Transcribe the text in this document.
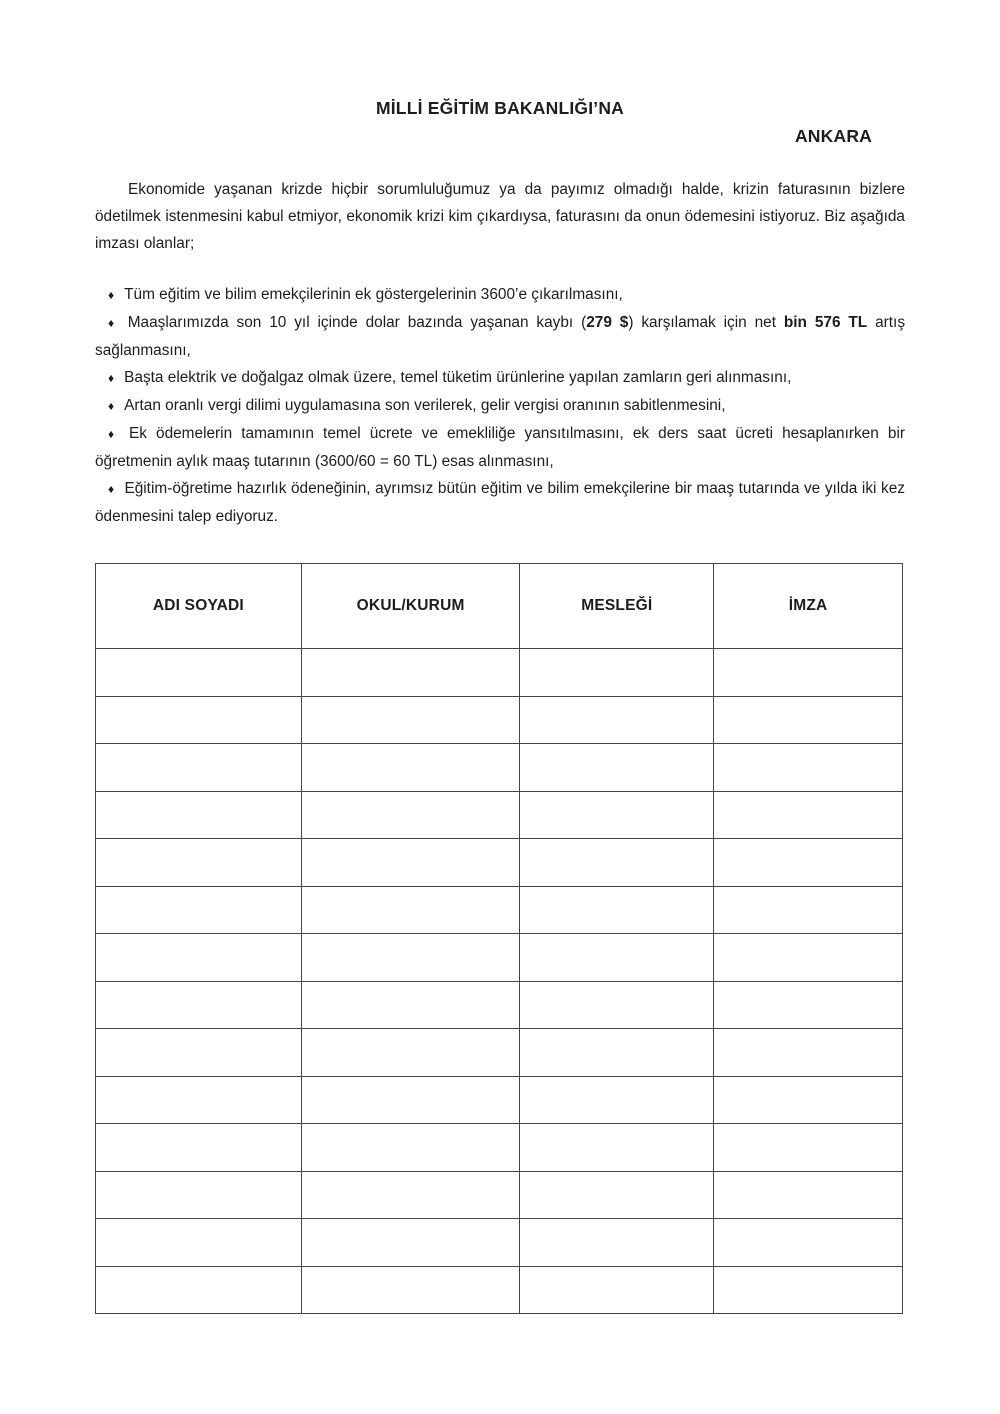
MİLLİ EĞİTİM BAKANLIĞI’NA
ANKARA

Ekonomide yaşanan krizde hiçbir sorumluluğumuz ya da payımız olmadığı halde, krizin faturasının bizlere ödetilmek istenmesini kabul etmiyor, ekonomik krizi kim çıkardıysa, faturasını da onun ödemesini istiyoruz. Biz aşağıda imzası olanlar;

♦ Tüm eğitim ve bilim emekçilerinin ek göstergelerinin 3600’e çıkarılmasını,
♦ Maaşlarımızda son 10 yıl içinde dolar bazında yaşanan kaybı (279 $) karşılamak için net bin 576 TL artış sağlanmasını,
♦ Başta elektrik ve doğalgaz olmak üzere, temel tüketim ürünlerine yapılan zamların geri alınmasını,
♦ Artan oranlı vergi dilimi uygulamasına son verilerek, gelir vergisi oranının sabitlenmesini,
♦ Ek ödemelerin tamamının temel ücrete ve emekliliğe yansıtılmasını, ek ders saat ücreti hesaplanırken bir öğretmenin aylık maaş tutarının (3600/60 = 60 TL) esas alınmasını,
♦ Eğitim-öğretime hazırlık ödeneğinin, ayrımsız bütün eğitim ve bilim emekçilerine bir maaş tutarında ve yılda iki kez ödenmesini talep ediyoruz.
ADI SOYADI	OKUL/KURUM	MESLEĞİ	İMZA
